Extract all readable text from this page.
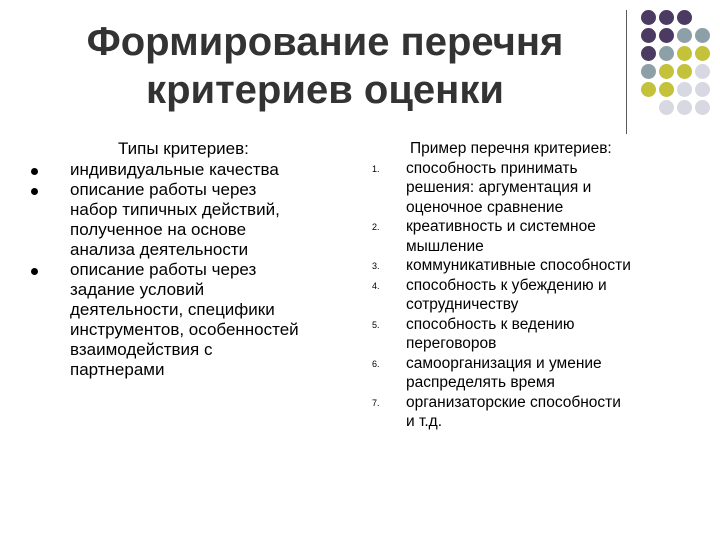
Формирование перечня
критериев оценки
Типы критериев:
индивидуальные качества
описание работы через
набор типичных действий,
полученное на основе
анализа деятельности
описание работы через
задание условий
деятельности, специфики
инструментов, особенностей
взаимодействия с
партнерами
Пример перечня критериев:
1. способность принимать
решения: аргументация и
оценочное сравнение
2. креативность и системное
мышление
3. коммуникативные способности
4. способность к убеждению и
сотрудничеству
5. способность к ведению
переговоров
6. самоорганизация и умение
распределять время
7. организаторские способности
и т.д.
